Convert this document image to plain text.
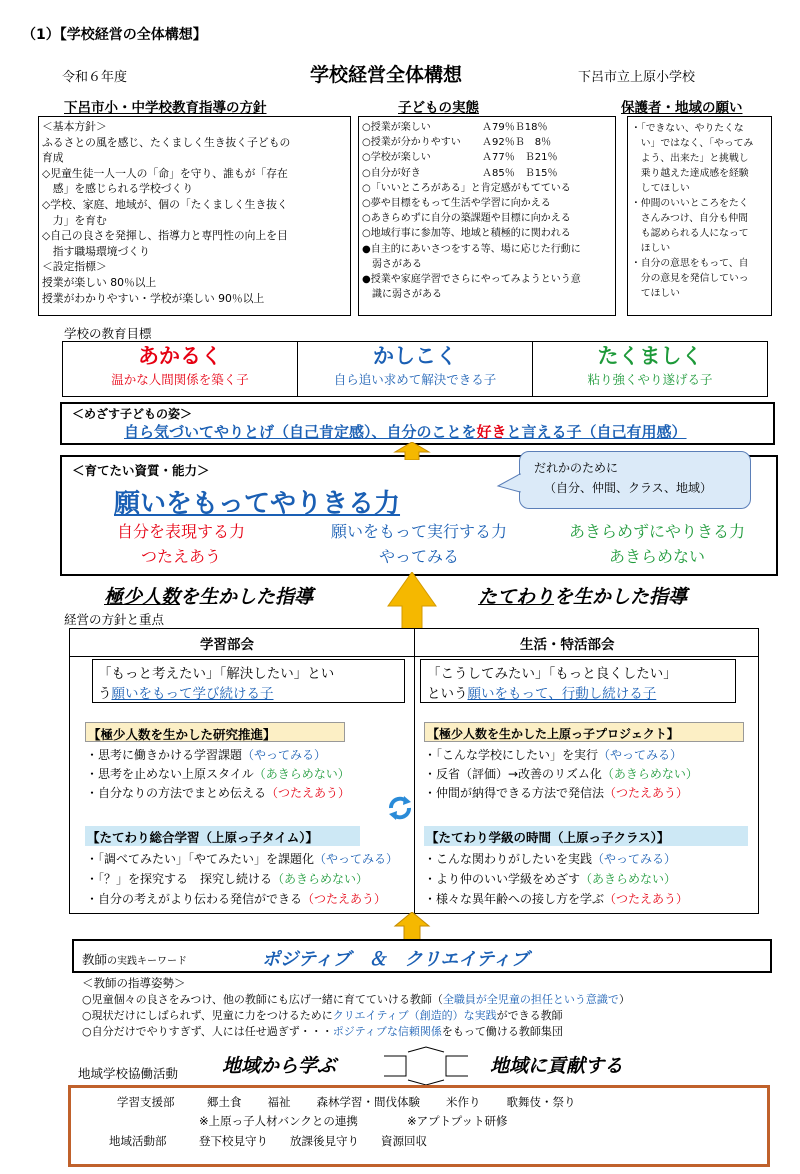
（1）【学校経営の全体構想】
令和６年度	学校経営全体構想	下呂市立上原小学校
下呂市小・中学校教育指導の方針	子どもの実態	保護者・地域の願い
＜基本方針＞
ふるさとの風を感じ、たくましく生き抜く子どもの
育成
◇児童生徒一人一人の「命」を守り、誰もが「存在
　感」を感じられる学校づくり
◇学校、家庭、地域が、個の「たくましく生き抜く
　力」を育む
◇自己の良さを発揮し、指導力と専門性の向上を目
　指す職場環境づくり
＜設定指標＞
授業が楽しい 80％以上
授業がわかりやすい・学校が楽しい 90％以上
○授業が楽しい	Ａ79％Ｂ18％
○授業が分かりやすい	Ａ92％Ｂ　8％
○学校が楽しい	Ａ77％　Ｂ21％
○自分が好き	Ａ85％　Ｂ15％
○「いいところがある」と肯定感がもてている
○夢や目標をもって生活や学習に向かえる
○あきらめずに自分の築課題や目標に向かえる
○地域行事に参加等、地域と積極的に関われる
●自主的にあいさつをする等、場に応じた行動に
　弱さがある
●授業や家庭学習でさらにやってみようという意
　識に弱さがある
・「できない、やりたくな
　い」ではなく、「やってみ
　よう、出来た」と挑戦し
　乗り越えた達成感を経験
　してほしい
・仲間のいいところをたく
　さんみつけ、自分も仲間
　も認められる人になって
　ほしい
・自分の意思をもって、自
　分の意見を発信していっ
　てほしい
学校の教育目標
あかるく
温かな人間関係を築く子
かしこく
自ら追い求めて解決できる子
たくましく
粘り強くやり遂げる子
＜めざす子どもの姿＞
自ら気づいてやりとげ（自己肯定感）、自分のことを好きと言える子（自己有用感）
＜育てたい資質・能力＞
願いをもってやりきる力
自分を表現する力
つたえあう
願いをもって実行する力
やってみる
あきらめずにやりきる力
あきらめない
だれかのために
（自分、仲間、クラス、地域）
極少人数を生かした指導	たてわりを生かした指導
経営の方針と重点
学習部会	生活・特活部会
「もっと考えたい」「解決したい」とい
う願いをもって学び続ける子
「こうしてみたい」「もっと良くしたい」
という願いをもって、行動し続ける子
【極少人数を生かした研究推進】	【極少人数を生かした上原っ子プロジェクト】
・思考に働きかける学習課題（やってみる）
・思考を止めない上原スタイル（あきらめない）
・自分なりの方法でまとめ伝える（つたえあう）
・「こんな学校にしたい」を実行（やってみる）
・反省（評価）→改善のリズム化（あきらめない）
・仲間が納得できる方法で発信法（つたえあう）
【たてわり総合学習（上原っ子タイム）】	【たてわり学級の時間（上原っ子クラス）】
・「調べてみたい」「やてみたい」を課題化（やってみる）
・「？」を探究する　探究し続ける（あきらめない）
・自分の考えがより伝わる発信ができる（つたえあう）
・こんな関わりがしたいを実践（やってみる）
・より仲のいい学級をめざす（あきらめない）
・様々な異年齢への接し方を学ぶ（つたえあう）
教師の実践キーワード	ポジティブ　＆　クリエイティブ
＜教師の指導姿勢＞
○児童個々の良さをみつけ、他の教師にも広げ一緒に育てていける教師（全職員が全児童の担任という意識で）
○現状だけにしばられず、児童に力をつけるためにクリエイティブ（創造的）な実践ができる教師
○自分だけでやりすぎず、人には任せ過ぎず・・・ポジティブな信頼関係をもって働ける教師集団
地域学校協働活動 地域から学ぶ	地域に貢献する
学習支援部	郷土食 福祉 森林学習・間伐体験 米作り 歌舞伎・祭り
※上原っ子人材バンクとの連携	※アプトプット研修
地域活動部	登下校見守り 放課後見守り 資源回収
